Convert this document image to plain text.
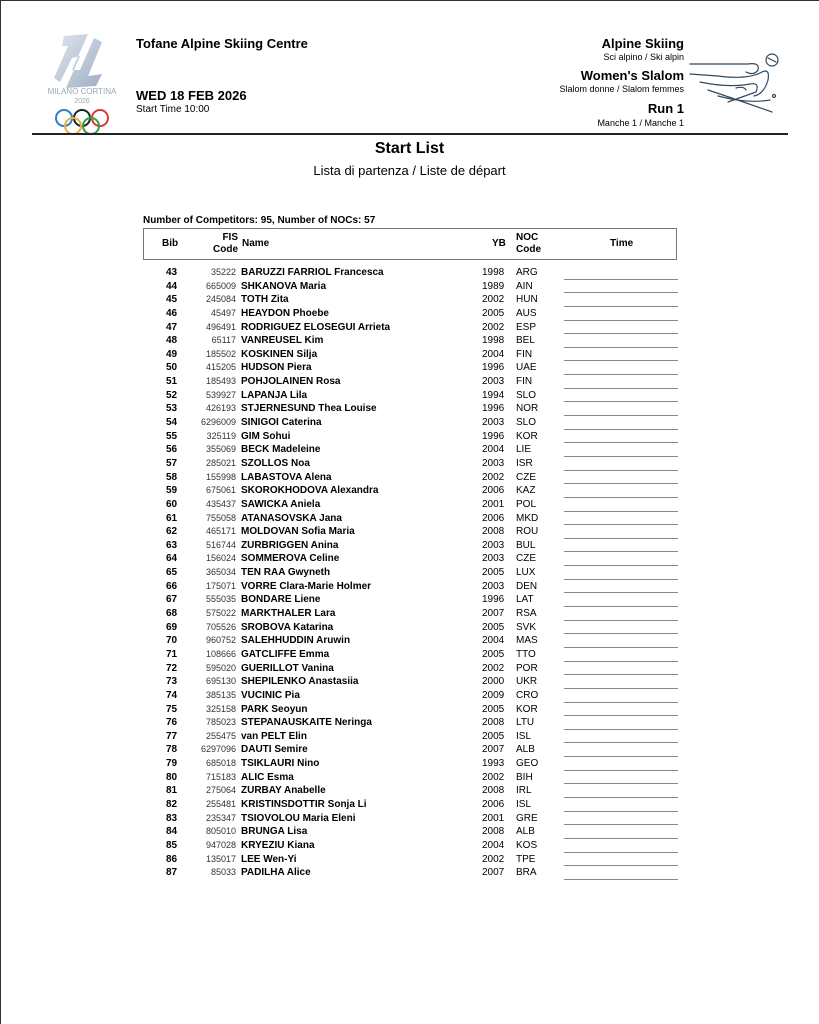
MILANO CORTINA
2026
Tofane Alpine Skiing Centre
WED 18 FEB 2026
Start Time 10:00
Alpine Skiing
Sci alpino / Ski alpin
Women's Slalom
Slalom donne / Slalom femmes
Run 1
Manche 1 / Manche 1
Start List
Lista di partenza / Liste de départ
Number of Competitors: 95, Number of NOCs: 57
Bib
FIS
Code
Name	YB
NOC
Code
Time
43	35222 BARUZZI FARRIOL Francesca	1998 ARG
44	665009 SHKANOVA Maria	1989 AIN
45	245084 TOTH Zita	2002 HUN
46	45497 HEAYDON Phoebe	2005 AUS
47	496491 RODRIGUEZ ELOSEGUI Arrieta	2002 ESP
48	65117 VANREUSEL Kim	1998 BEL
49	185502 KOSKINEN Silja	2004 FIN
50	415205 HUDSON Piera	1996 UAE
51	185493 POHJOLAINEN Rosa	2003 FIN
52	539927 LAPANJA Lila	1994 SLO
53	426193 STJERNESUND Thea Louise	1996 NOR
54	6296009 SINIGOI Caterina	2003 SLO
55	325119 GIM Sohui	1996 KOR
56	355069 BECK Madeleine	2004 LIE
57	285021 SZOLLOS Noa	2003 ISR
58	155998 LABASTOVA Alena	2002 CZE
59	675061 SKOROKHODOVA Alexandra	2006 KAZ
60	435437 SAWICKA Aniela	2001 POL
61	755058 ATANASOVSKA Jana	2006 MKD
62	465171 MOLDOVAN Sofia Maria	2008 ROU
63	516744 ZURBRIGGEN Anina	2003 BUL
64	156024 SOMMEROVA Celine	2003 CZE
65	365034 TEN RAA Gwyneth	2005 LUX
66	175071 VORRE Clara-Marie Holmer	2003 DEN
67	555035 BONDARE Liene	1996 LAT
68	575022 MARKTHALER Lara	2007 RSA
69	705526 SROBOVA Katarina	2005 SVK
70	960752 SALEHHUDDIN Aruwin	2004 MAS
71	108666 GATCLIFFE Emma	2005 TTO
72	595020 GUERILLOT Vanina	2002 POR
73	695130 SHEPILENKO Anastasiia	2000 UKR
74	385135 VUCINIC Pia	2009 CRO
75	325158 PARK Seoyun	2005 KOR
76	785023 STEPANAUSKAITE Neringa	2008 LTU
77	255475 van PELT Elin	2005 ISL
78	6297096 DAUTI Semire	2007 ALB
79	685018 TSIKLAURI Nino	1993 GEO
80	715183 ALIC Esma	2002 BIH
81	275064 ZURBAY Anabelle	2008 IRL
82	255481 KRISTINSDOTTIR Sonja Li	2006 ISL
83	235347 TSIOVOLOU Maria Eleni	2001 GRE
84	805010 BRUNGA Lisa	2008 ALB
85	947028 KRYEZIU Kiana	2004 KOS
86	135017 LEE Wen-Yi	2002 TPE
87	85033 PADILHA Alice	2007 BRA
